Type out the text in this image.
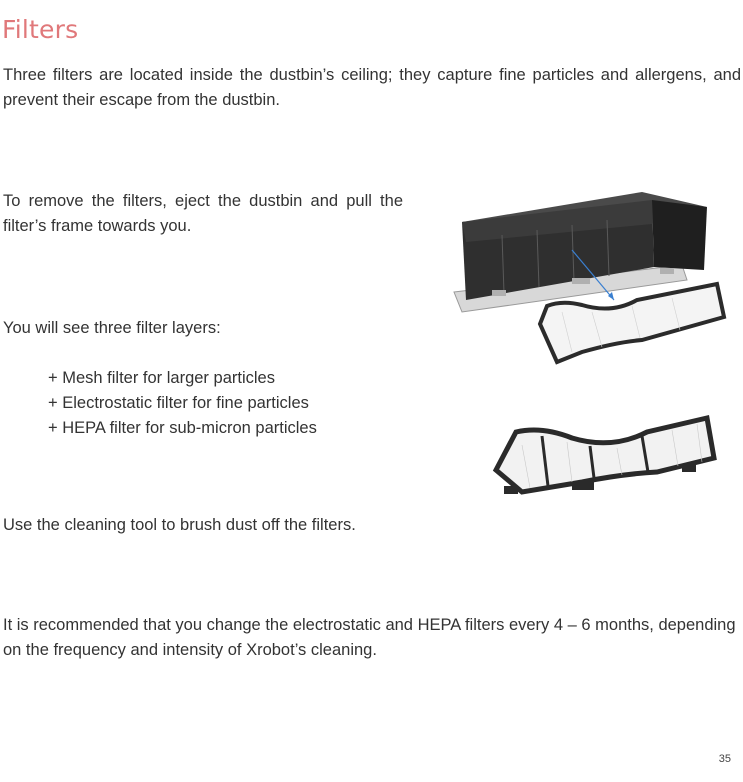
Filters

Three filters are located inside the dustbin’s ceiling; they capture fine particles and allergens, and prevent their escape from the dustbin.

To remove the filters, eject the dustbin and pull the filter’s frame towards you.

You will see three filter layers:

+ Mesh filter for larger particles
+ Electrostatic filter for fine particles
+ HEPA filter for sub-micron particles

Use the cleaning tool to brush dust off the filters.

It is recommended that you change the electrostatic and HEPA filters every 4 – 6 months, depending on the frequency and intensity of Xrobot’s cleaning.

35
